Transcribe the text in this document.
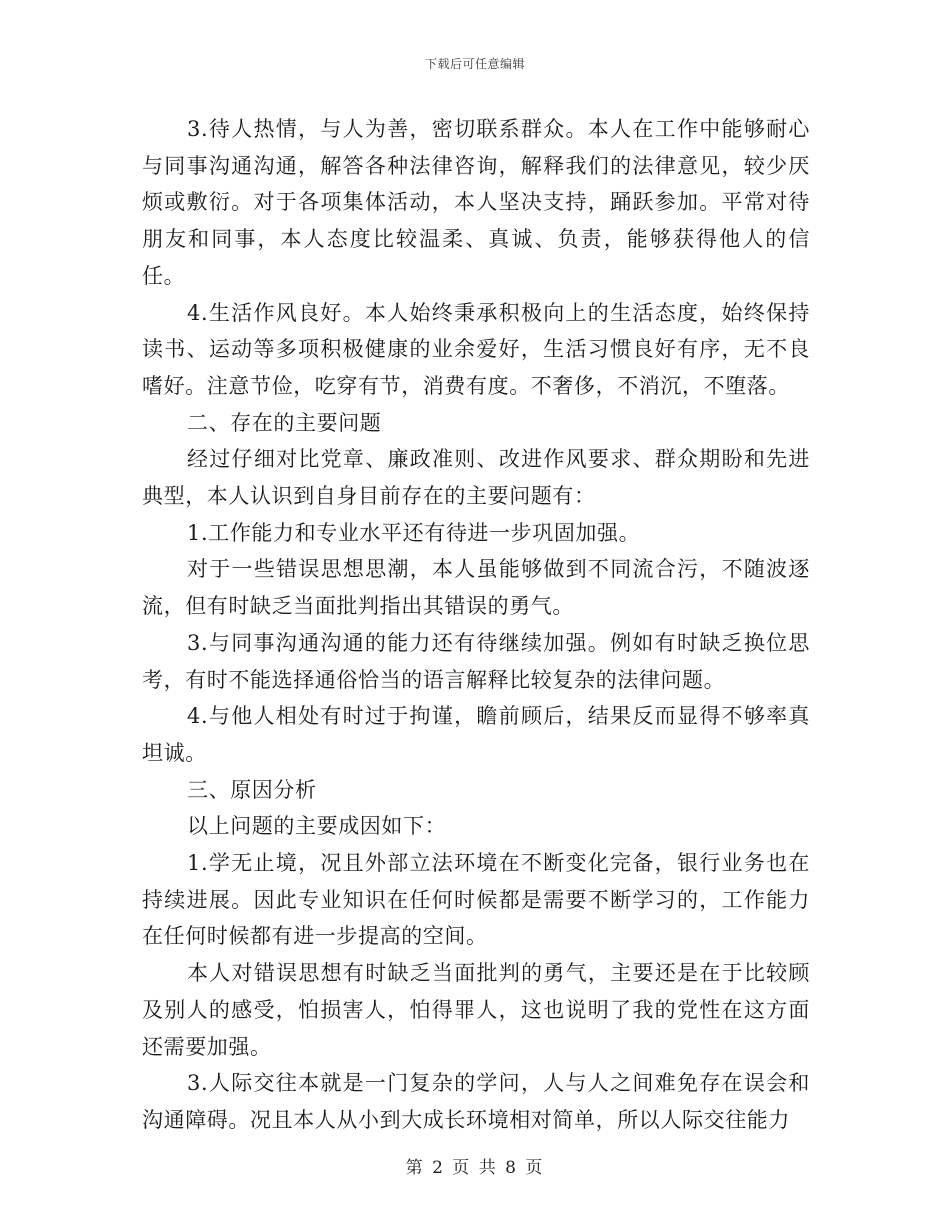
下载后可任意编辑

3.待人热情，与人为善，密切联系群众。本人在工作中能够耐心与同事沟通沟通，解答各种法律咨询，解释我们的法律意见，较少厌烦或敷衍。对于各项集体活动，本人坚决支持，踊跃参加。平常对待朋友和同事，本人态度比较温柔、真诚、负责，能够获得他人的信任。

4.生活作风良好。本人始终秉承积极向上的生活态度，始终保持读书、运动等多项积极健康的业余爱好，生活习惯良好有序，无不良嗜好。注意节俭，吃穿有节，消费有度。不奢侈，不消沉，不堕落。

二、存在的主要问题

经过仔细对比党章、廉政准则、改进作风要求、群众期盼和先进典型，本人认识到自身目前存在的主要问题有：

1.工作能力和专业水平还有待进一步巩固加强。

对于一些错误思想思潮，本人虽能够做到不同流合污，不随波逐流，但有时缺乏当面批判指出其错误的勇气。

3.与同事沟通沟通的能力还有待继续加强。例如有时缺乏换位思考，有时不能选择通俗恰当的语言解释比较复杂的法律问题。

4.与他人相处有时过于拘谨，瞻前顾后，结果反而显得不够率真坦诚。

三、原因分析

以上问题的主要成因如下：

1.学无止境，况且外部立法环境在不断变化完备，银行业务也在持续进展。因此专业知识在任何时候都是需要不断学习的，工作能力在任何时候都有进一步提高的空间。

本人对错误思想有时缺乏当面批判的勇气，主要还是在于比较顾及别人的感受，怕损害人，怕得罪人，这也说明了我的党性在这方面还需要加强。

3.人际交往本就是一门复杂的学问，人与人之间难免存在误会和沟通障碍。况且本人从小到大成长环境相对简单，所以人际交往能力

第 2 页 共 8 页
